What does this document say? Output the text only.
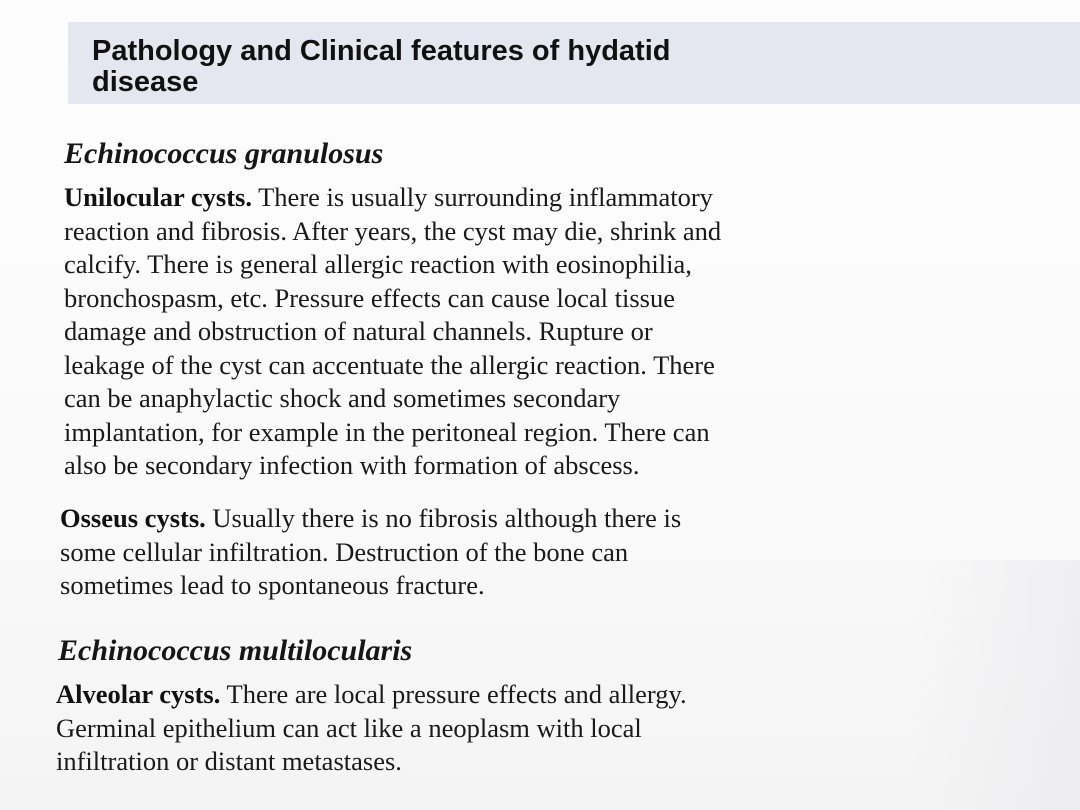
Pathology and Clinical features of hydatid
disease
Echinococcus granulosus

Unilocular cysts. There is usually surrounding inflammatory
reaction and fibrosis. After years, the cyst may die, shrink and
calcify. There is general allergic reaction with eosinophilia,
bronchospasm, etc. Pressure effects can cause local tissue
damage and obstruction of natural channels. Rupture or
leakage of the cyst can accentuate the allergic reaction. There
can be anaphylactic shock and sometimes secondary
implantation, for example in the peritoneal region. There can
also be secondary infection with formation of abscess.

Osseus cysts. Usually there is no fibrosis although there is
some cellular infiltration. Destruction of the bone can
sometimes lead to spontaneous fracture.

Echinococcus multilocularis

Alveolar cysts. There are local pressure effects and allergy.
Germinal epithelium can act like a neoplasm with local
infiltration or distant metastases.
